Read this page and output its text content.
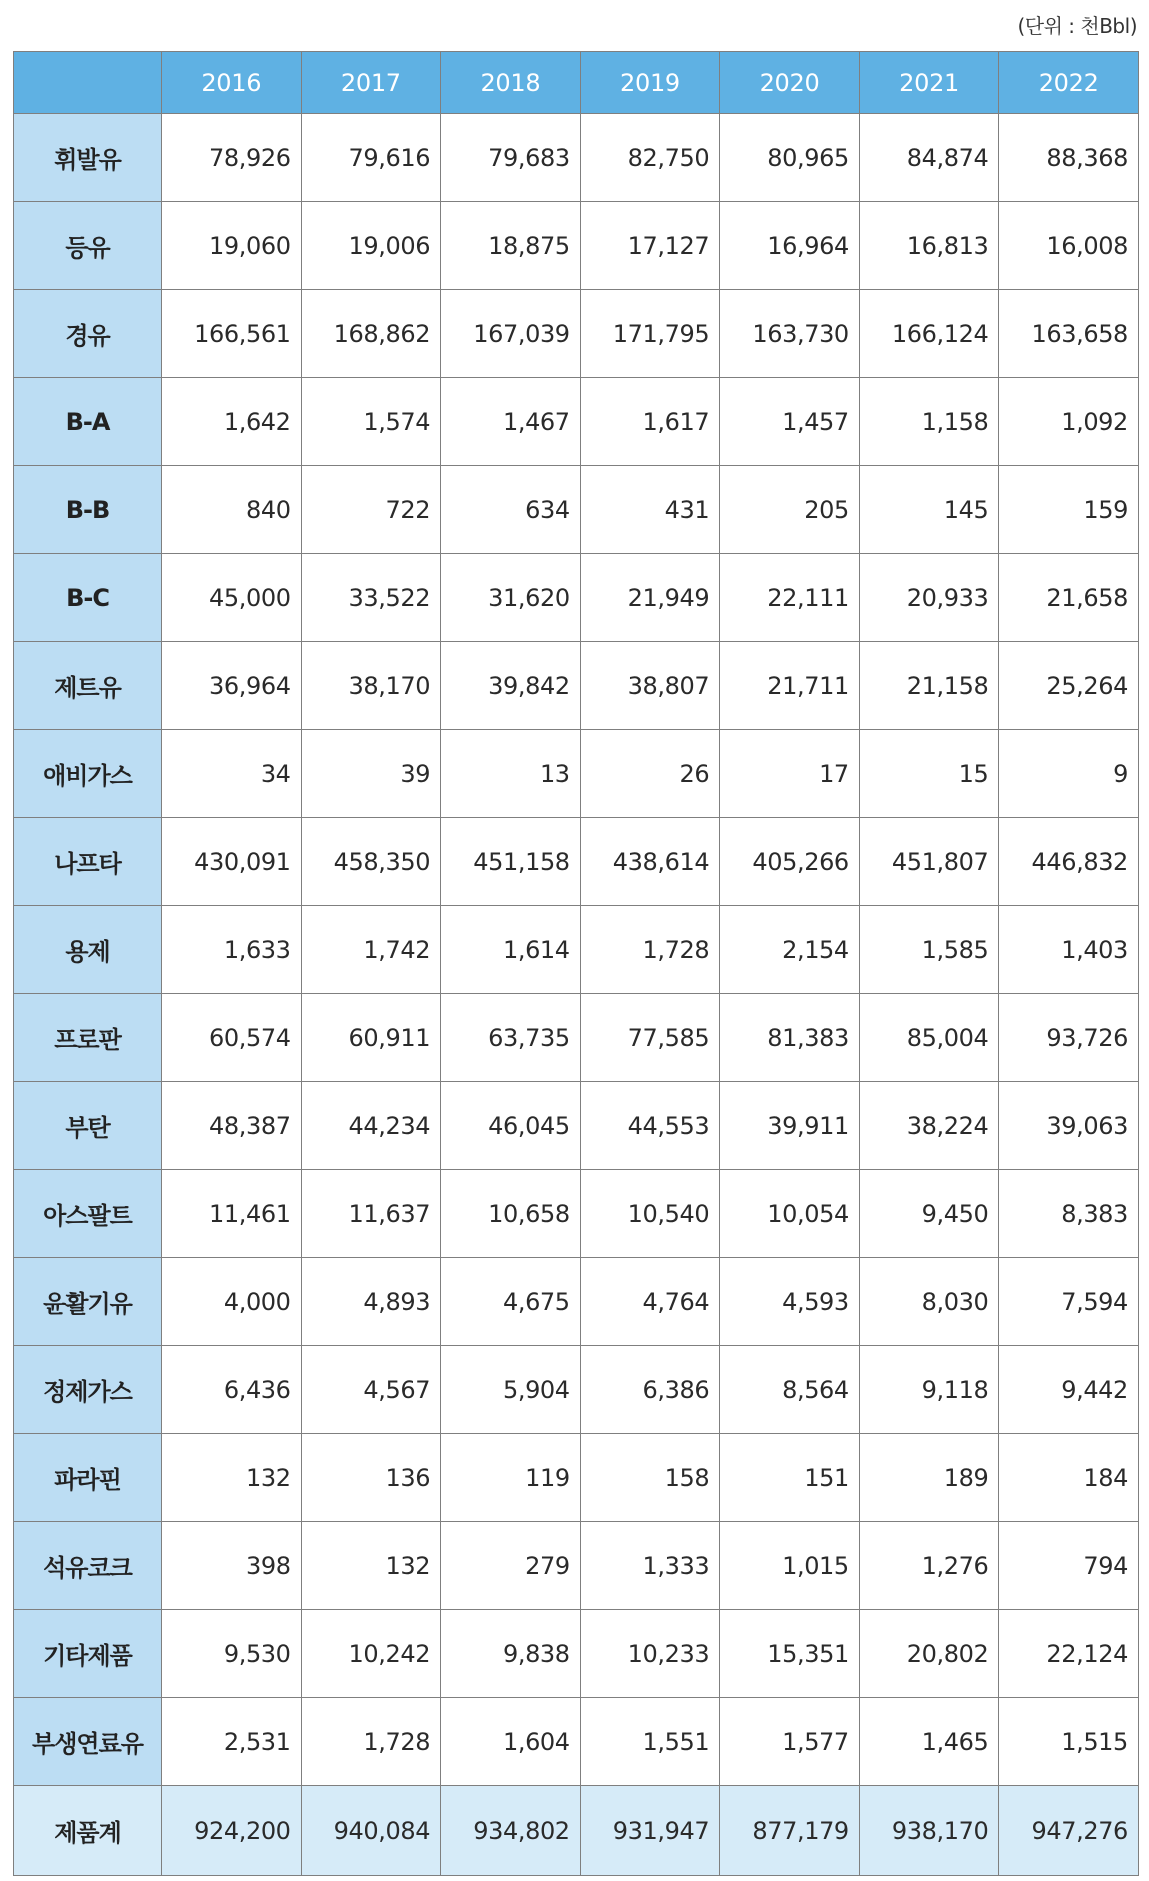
(단위 : 천Bbl)
	2016	2017	2018	2019	2020	2021	2022
휘발유	78,926	79,616	79,683	82,750	80,965	84,874	88,368
등유	19,060	19,006	18,875	17,127	16,964	16,813	16,008
경유	166,561	168,862	167,039	171,795	163,730	166,124	163,658
B-A	1,642	1,574	1,467	1,617	1,457	1,158	1,092
B-B	840	722	634	431	205	145	159
B-C	45,000	33,522	31,620	21,949	22,111	20,933	21,658
제트유	36,964	38,170	39,842	38,807	21,711	21,158	25,264
애비가스	34	39	13	26	17	15	9
나프타	430,091	458,350	451,158	438,614	405,266	451,807	446,832
용제	1,633	1,742	1,614	1,728	2,154	1,585	1,403
프로판	60,574	60,911	63,735	77,585	81,383	85,004	93,726
부탄	48,387	44,234	46,045	44,553	39,911	38,224	39,063
아스팔트	11,461	11,637	10,658	10,540	10,054	9,450	8,383
윤활기유	4,000	4,893	4,675	4,764	4,593	8,030	7,594
정제가스	6,436	4,567	5,904	6,386	8,564	9,118	9,442
파라핀	132	136	119	158	151	189	184
석유코크	398	132	279	1,333	1,015	1,276	794
기타제품	9,530	10,242	9,838	10,233	15,351	20,802	22,124
부생연료유	2,531	1,728	1,604	1,551	1,577	1,465	1,515
제품계	924,200	940,084	934,802	931,947	877,179	938,170	947,276
